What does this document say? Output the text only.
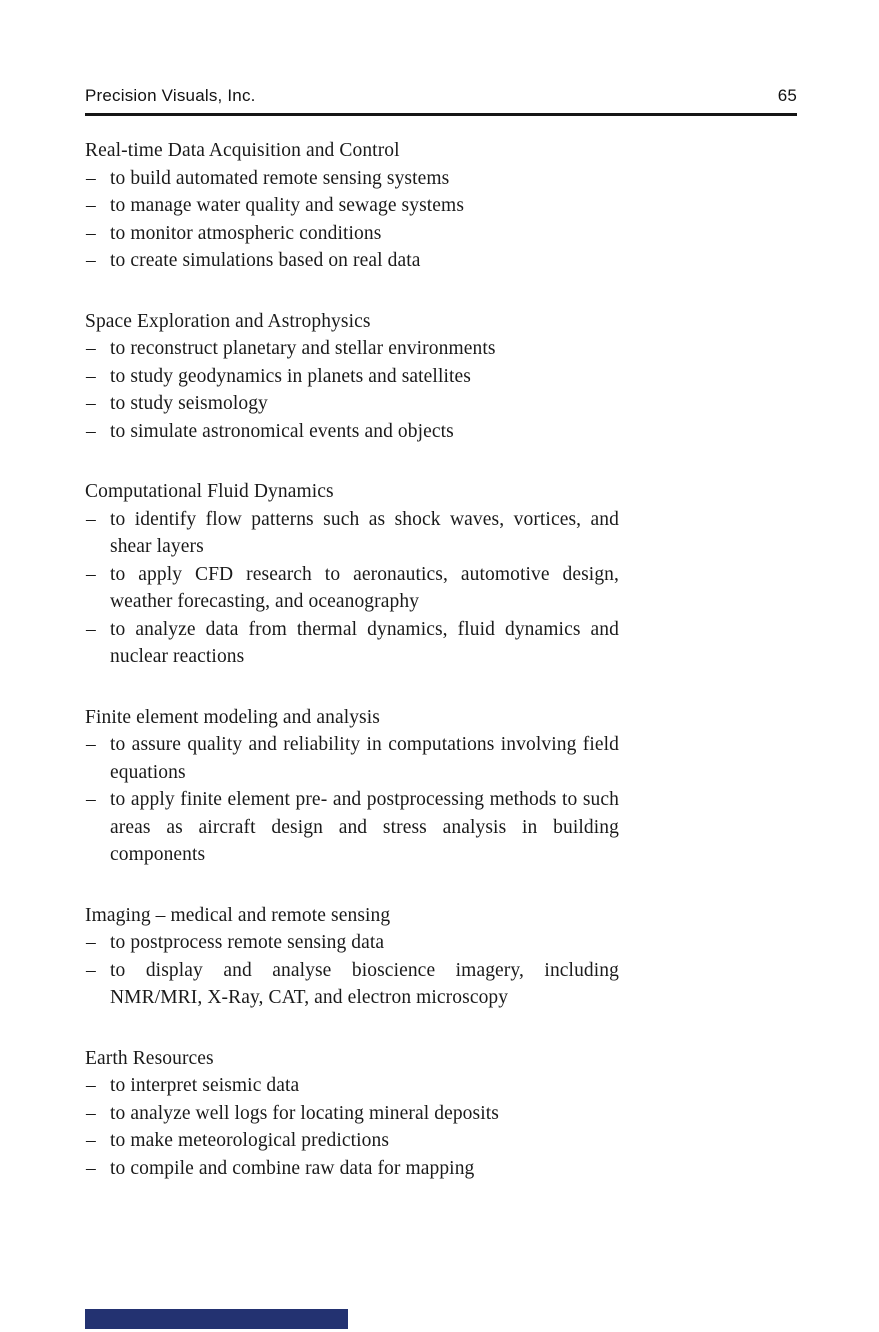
Precision Visuals, Inc.	65
Real-time Data Acquisition and Control
– to build automated remote sensing systems
– to manage water quality and sewage systems
– to monitor atmospheric conditions
– to create simulations based on real data
Space Exploration and Astrophysics
– to reconstruct planetary and stellar environments
– to study geodynamics in planets and satellites
– to study seismology
– to simulate astronomical events and objects
Computational Fluid Dynamics
– to identify flow patterns such as shock waves, vortices, and shear layers
– to apply CFD research to aeronautics, automotive design, weather forecasting, and oceanography
– to analyze data from thermal dynamics, fluid dynamics and nuclear reactions
Finite element modeling and analysis
– to assure quality and reliability in computations involving field equations
– to apply finite element pre- and postprocessing methods to such areas as aircraft design and stress analysis in building components
Imaging – medical and remote sensing
– to postprocess remote sensing data
– to display and analyse bioscience imagery, including NMR/MRI, X-Ray, CAT, and electron microscopy
Earth Resources
– to interpret seismic data
– to analyze well logs for locating mineral deposits
– to make meteorological predictions
– to compile and combine raw data for mapping
